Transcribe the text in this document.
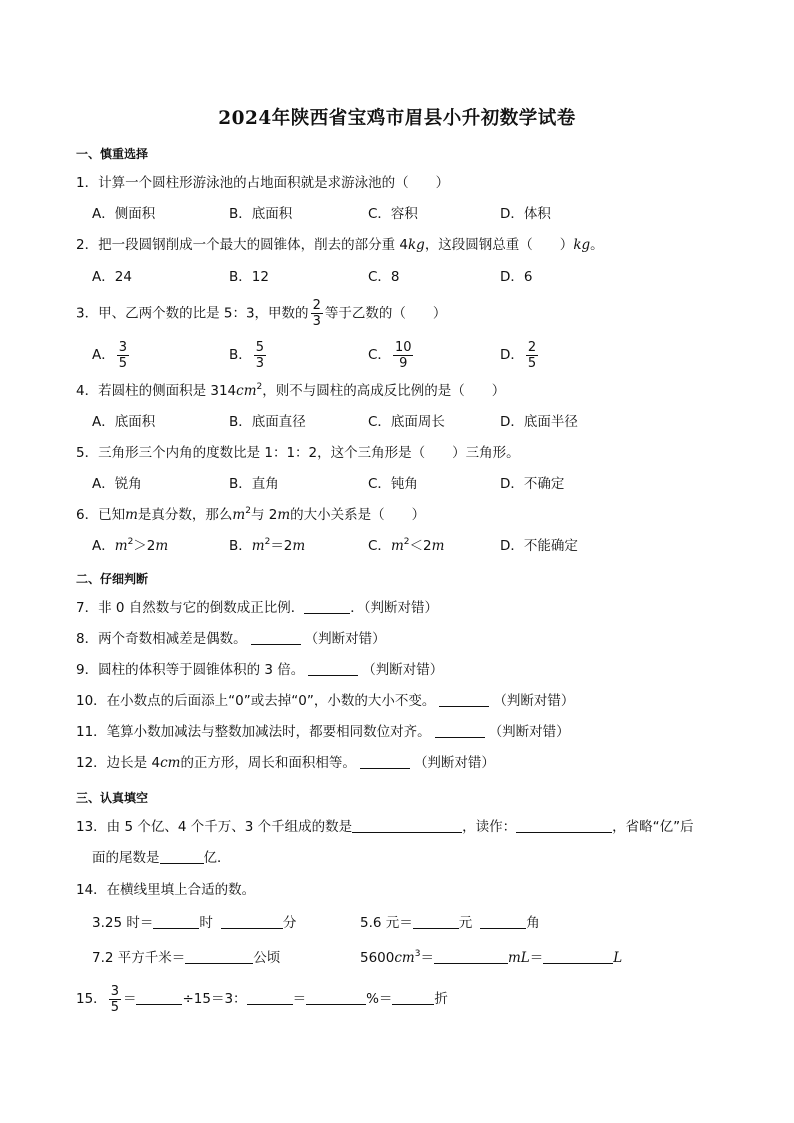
2024年陕西省宝鸡市眉县小升初数学试卷
一、慎重选择
1．计算一个圆柱形游泳池的占地面积就是求游泳池的（　　）
A．侧面积	B．底面积	C．容积	D．体积
2．把一段圆钢削成一个最大的圆锥体，削去的部分重 4kg，这段圆钢总重（　　）kg。
A．24	B．12	C．8	D．6
3．甲、乙两个数的比是 5：3，甲数的 $\frac{2}{3}$ 等于乙数的（　　）
A． $\frac{3}{5}$	B． $\frac{5}{3}$	C． $\frac{10}{9}$	D． $\frac{2}{5}$
4．若圆柱的侧面积是 $314cm^2$，则不与圆柱的高成反比例的是（　　）
A．底面积	B．底面直径	C．底面周长	D．底面半径
5．三角形三个内角的度数比是 1：1：2，这个三角形是（　　）三角形。
A．锐角	B．直角	C．钝角	D．不确定
6．已知m是真分数，那么$m^2$与 2m的大小关系是（　　）
A．$m^2>2m$	B．$m^2=2m$	C．$m^2<2m$	D．不能确定
二、仔细判断
7．非 0 自然数与它的倒数成正比例．	．（判断对错）
8．两个奇数相减差是偶数。	（判断对错）
9．圆柱的体积等于圆锥体积的 3 倍。	（判断对错）
10．在小数点的后面添上“0”或去掉“0”，小数的大小不变。	（判断对错）
11．笔算小数加减法与整数加减法时，都要相同数位对齐。	（判断对错）
12．边长是 4cm的正方形，周长和面积相等。	（判断对错）
三、认真填空
13．由 5 个亿、4 个千万、3 个千组成的数是	，读作：	，省略“亿”后
面的尾数是	亿．
14．在横线里填上合适的数。
3.25 时＝	时	分	5.6 元＝	元	角
7.2 平方千米＝	公顷	$5600cm^3=$	mL＝	L
15． $\frac{3}{5}$ ＝	÷15＝3：	＝	%＝	折
